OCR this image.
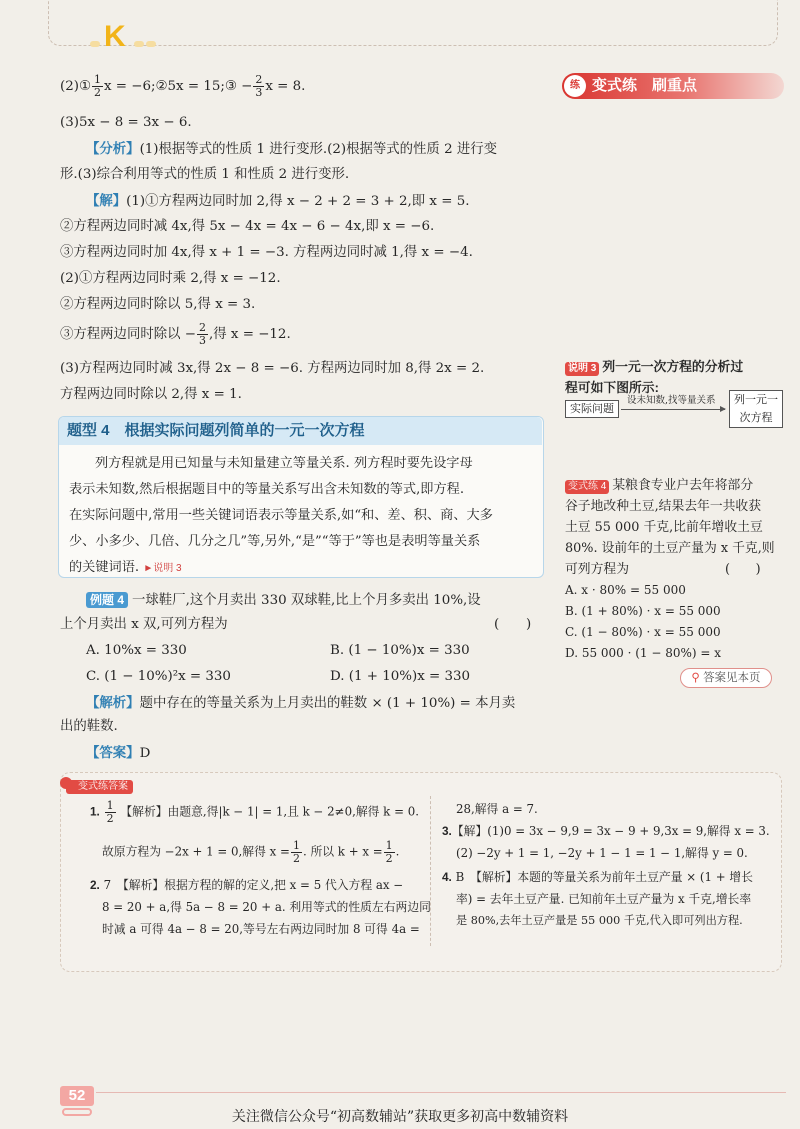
K
(2)① $\frac{1}{2}$ x = −6;②5x = 15;③ − $\frac{2}{3}$ x = 8.
(3)5x − 8 = 3x − 6.
【分析】(1)根据等式的性质 1 进行变形.(2)根据等式的性质 2 进行变
形.(3)综合利用等式的性质 1 和性质 2 进行变形.
【解】(1)①方程两边同时加 2,得 x − 2 + 2 = 3 + 2,即 x = 5.
②方程两边同时减 4x,得 5x − 4x = 4x − 6 − 4x,即 x = −6.
③方程两边同时加 4x,得 x + 1 = −3. 方程两边同时减 1,得 x = −4.
(2)①方程两边同时乘 2,得 x = −12.
②方程两边同时除以 5,得 x = 3.
③方程两边同时除以 − $\frac{2}{3}$ ,得 x = −12.
(3)方程两边同时减 3x,得 2x − 8 = −6. 方程两边同时加 8,得 2x = 2.
方程两边同时除以 2,得 x = 1.
题型 4　根据实际问题列简单的一元一次方程
列方程就是用已知量与未知量建立等量关系. 列方程时要先设字母
表示未知数,然后根据题目中的等量关系写出含未知数的等式,即方程.
在实际问题中,常用一些关键词语表示等量关系,如“和、差、积、商、大多
少、小多少、几倍、几分之几”等,另外,“是”“等于”等也是表明等量关系
的关键词语. ►说明 3
例题 4 一球鞋厂,这个月卖出 330 双球鞋,比上个月多卖出 10%,设
上个月卖出 x 双,可列方程为	(　　)
A. 10%x = 330	B. (1 − 10%)x = 330
C. (1 − 10%)²x = 330	D. (1 + 10%)x = 330
【解析】题中存在的等量关系为上月卖出的鞋数 × (1 + 10%) = 本月卖
出的鞋数.
【答案】D
练 变式练　刷重点
说明 3 列一元一次方程的分析过
程可如下图所示:
实际问题
设未知数,找等量关系	列一元一
次方程
变式练 4 某粮食专业户去年将部分
谷子地改种土豆,结果去年一共收获
土豆 55 000 千克,比前年增收土豆
80%. 设前年的土豆产量为 x 千克,则
可列方程为	(　　)
A. x · 80% = 55 000
B. (1 + 80%) · x = 55 000
C. (1 − 80%) · x = 55 000
D. 55 000 · (1 − 80%) = x
⚲ 答案见本页
变式练答案
1. $\frac{1}{2}$ 【解析】由题意,得|k − 1| = 1,且 k − 2≠0,解得 k = 0.
故原方程为 −2x + 1 = 0,解得 $x = \frac{1}{2}$ . 所以 $k + x = \frac{1}{2}$ .
2. 7　【解析】根据方程的解的定义,把 x = 5 代入方程 ax −
8 = 20 + a,得 5a − 8 = 20 + a. 利用等式的性质左右两边同
时减 a 可得 4a − 8 = 20,等号左右两边同时加 8 可得 4a =
28,解得 a = 7.
3.【解】(1)0 = 3x − 9,9 = 3x − 9 + 9,3x = 9,解得 x = 3.
(2) −2y + 1 = 1, −2y + 1 − 1 = 1 − 1,解得 y = 0.
4. B　【解析】本题的等量关系为前年土豆产量 × (1 + 增长
率) = 去年土豆产量. 已知前年土豆产量为 x 千克,增长率
是 80%,去年土豆产量是 55 000 千克,代入即可列出方程.
52
关注微信公众号“初高数辅站”获取更多初高中数辅资料
